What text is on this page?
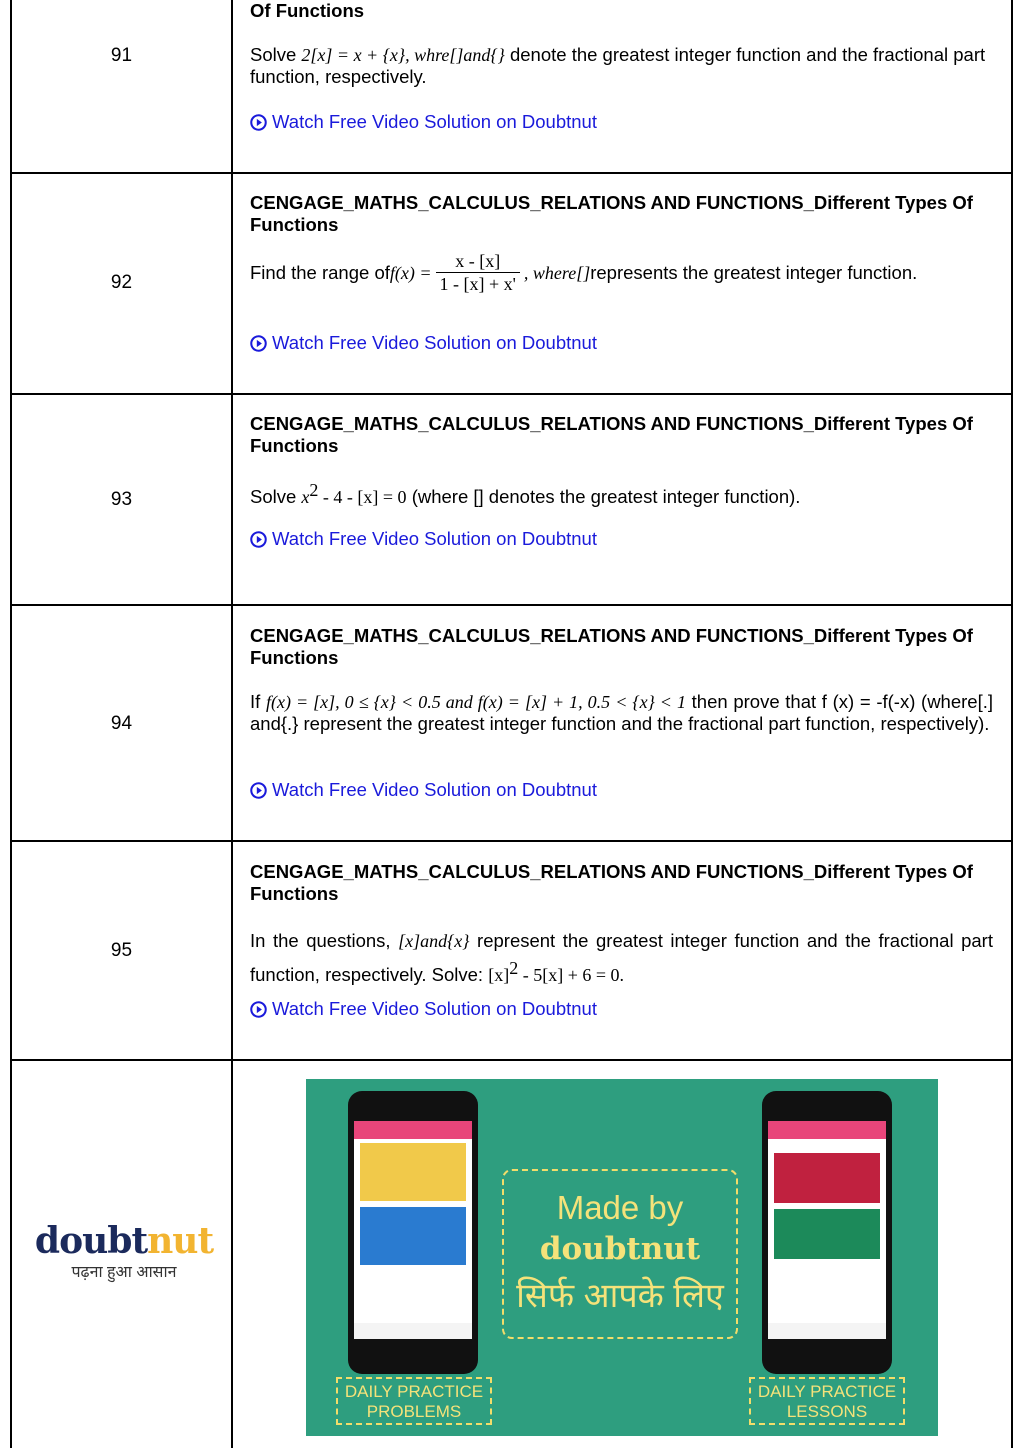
91
Of Functions
Solve 2[x] = x + {x}, whre[]and{} denote the greatest integer function and the fractional part function, respectively.
Watch Free Video Solution on Doubtnut
92
CENGAGE_MATHS_CALCULUS_RELATIONS AND FUNCTIONS_Different Types Of Functions
Find the range of $f(x) = \frac{x - [x]}{1 - [x] + x'}$ , where[] represents the greatest integer function.
Watch Free Video Solution on Doubtnut
93
CENGAGE_MATHS_CALCULUS_RELATIONS AND FUNCTIONS_Different Types Of Functions
Solve $x^2 - 4 - [x] = 0$ (where [] denotes the greatest integer function).
Watch Free Video Solution on Doubtnut
94
CENGAGE_MATHS_CALCULUS_RELATIONS AND FUNCTIONS_Different Types Of Functions
If f(x) = [x], 0 ≤ {x} < 0.5 and f(x) = [x] + 1, 0.5 < {x} < 1 then prove that f (x) = -f(-x) (where[.] and{.} represent the greatest integer function and the fractional part function, respectively).
Watch Free Video Solution on Doubtnut
95
CENGAGE_MATHS_CALCULUS_RELATIONS AND FUNCTIONS_Different Types Of Functions
In the questions, [x]and{x} represent the greatest integer function and the fractional part function, respectively. Solve: $[x]^2 - 5[x] + 6 = 0$.
Watch Free Video Solution on Doubtnut
doubtnut
पढ़ना हुआ आसान
Made by
doubtnut
सिर्फ आपके लिए
DAILY PRACTICE PROBLEMS
DAILY PRACTICE LESSONS
